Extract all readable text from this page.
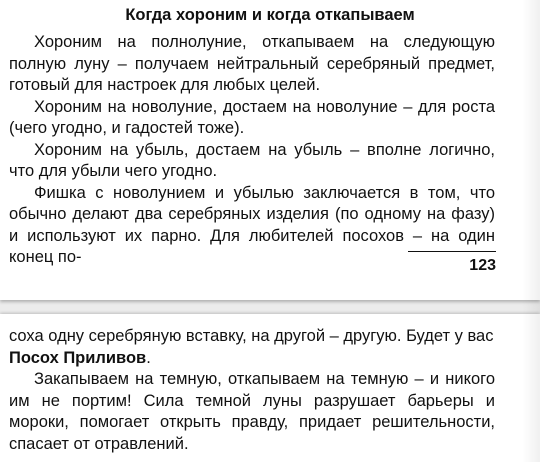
Когда хороним и когда откапываем
123

Хороним на полнолуние, откапываем на следующую полную луну – получаем нейтральный серебряный предмет, готовый для настроек для любых целей.

Хороним на новолуние, достаем на новолуние – для роста (чего угодно, и гадостей тоже).

Хороним на убыль, достаем на убыль – вполне логично, что для убыли чего угодно.

Фишка с новолунием и убылью заключается в том, что обычно делают два серебряных изделия (по одному на фазу) и используют их парно. Для любителей посохов – на один конец по-

соха одну серебряную вставку, на другой – другую. Будет у вас
Посох Приливов.

Закапываем на темную, откапываем на темную – и никого им не портим! Сила темной луны разрушает барьеры и мороки, помогает открыть правду, придает решительности, спасает от отравлений.
